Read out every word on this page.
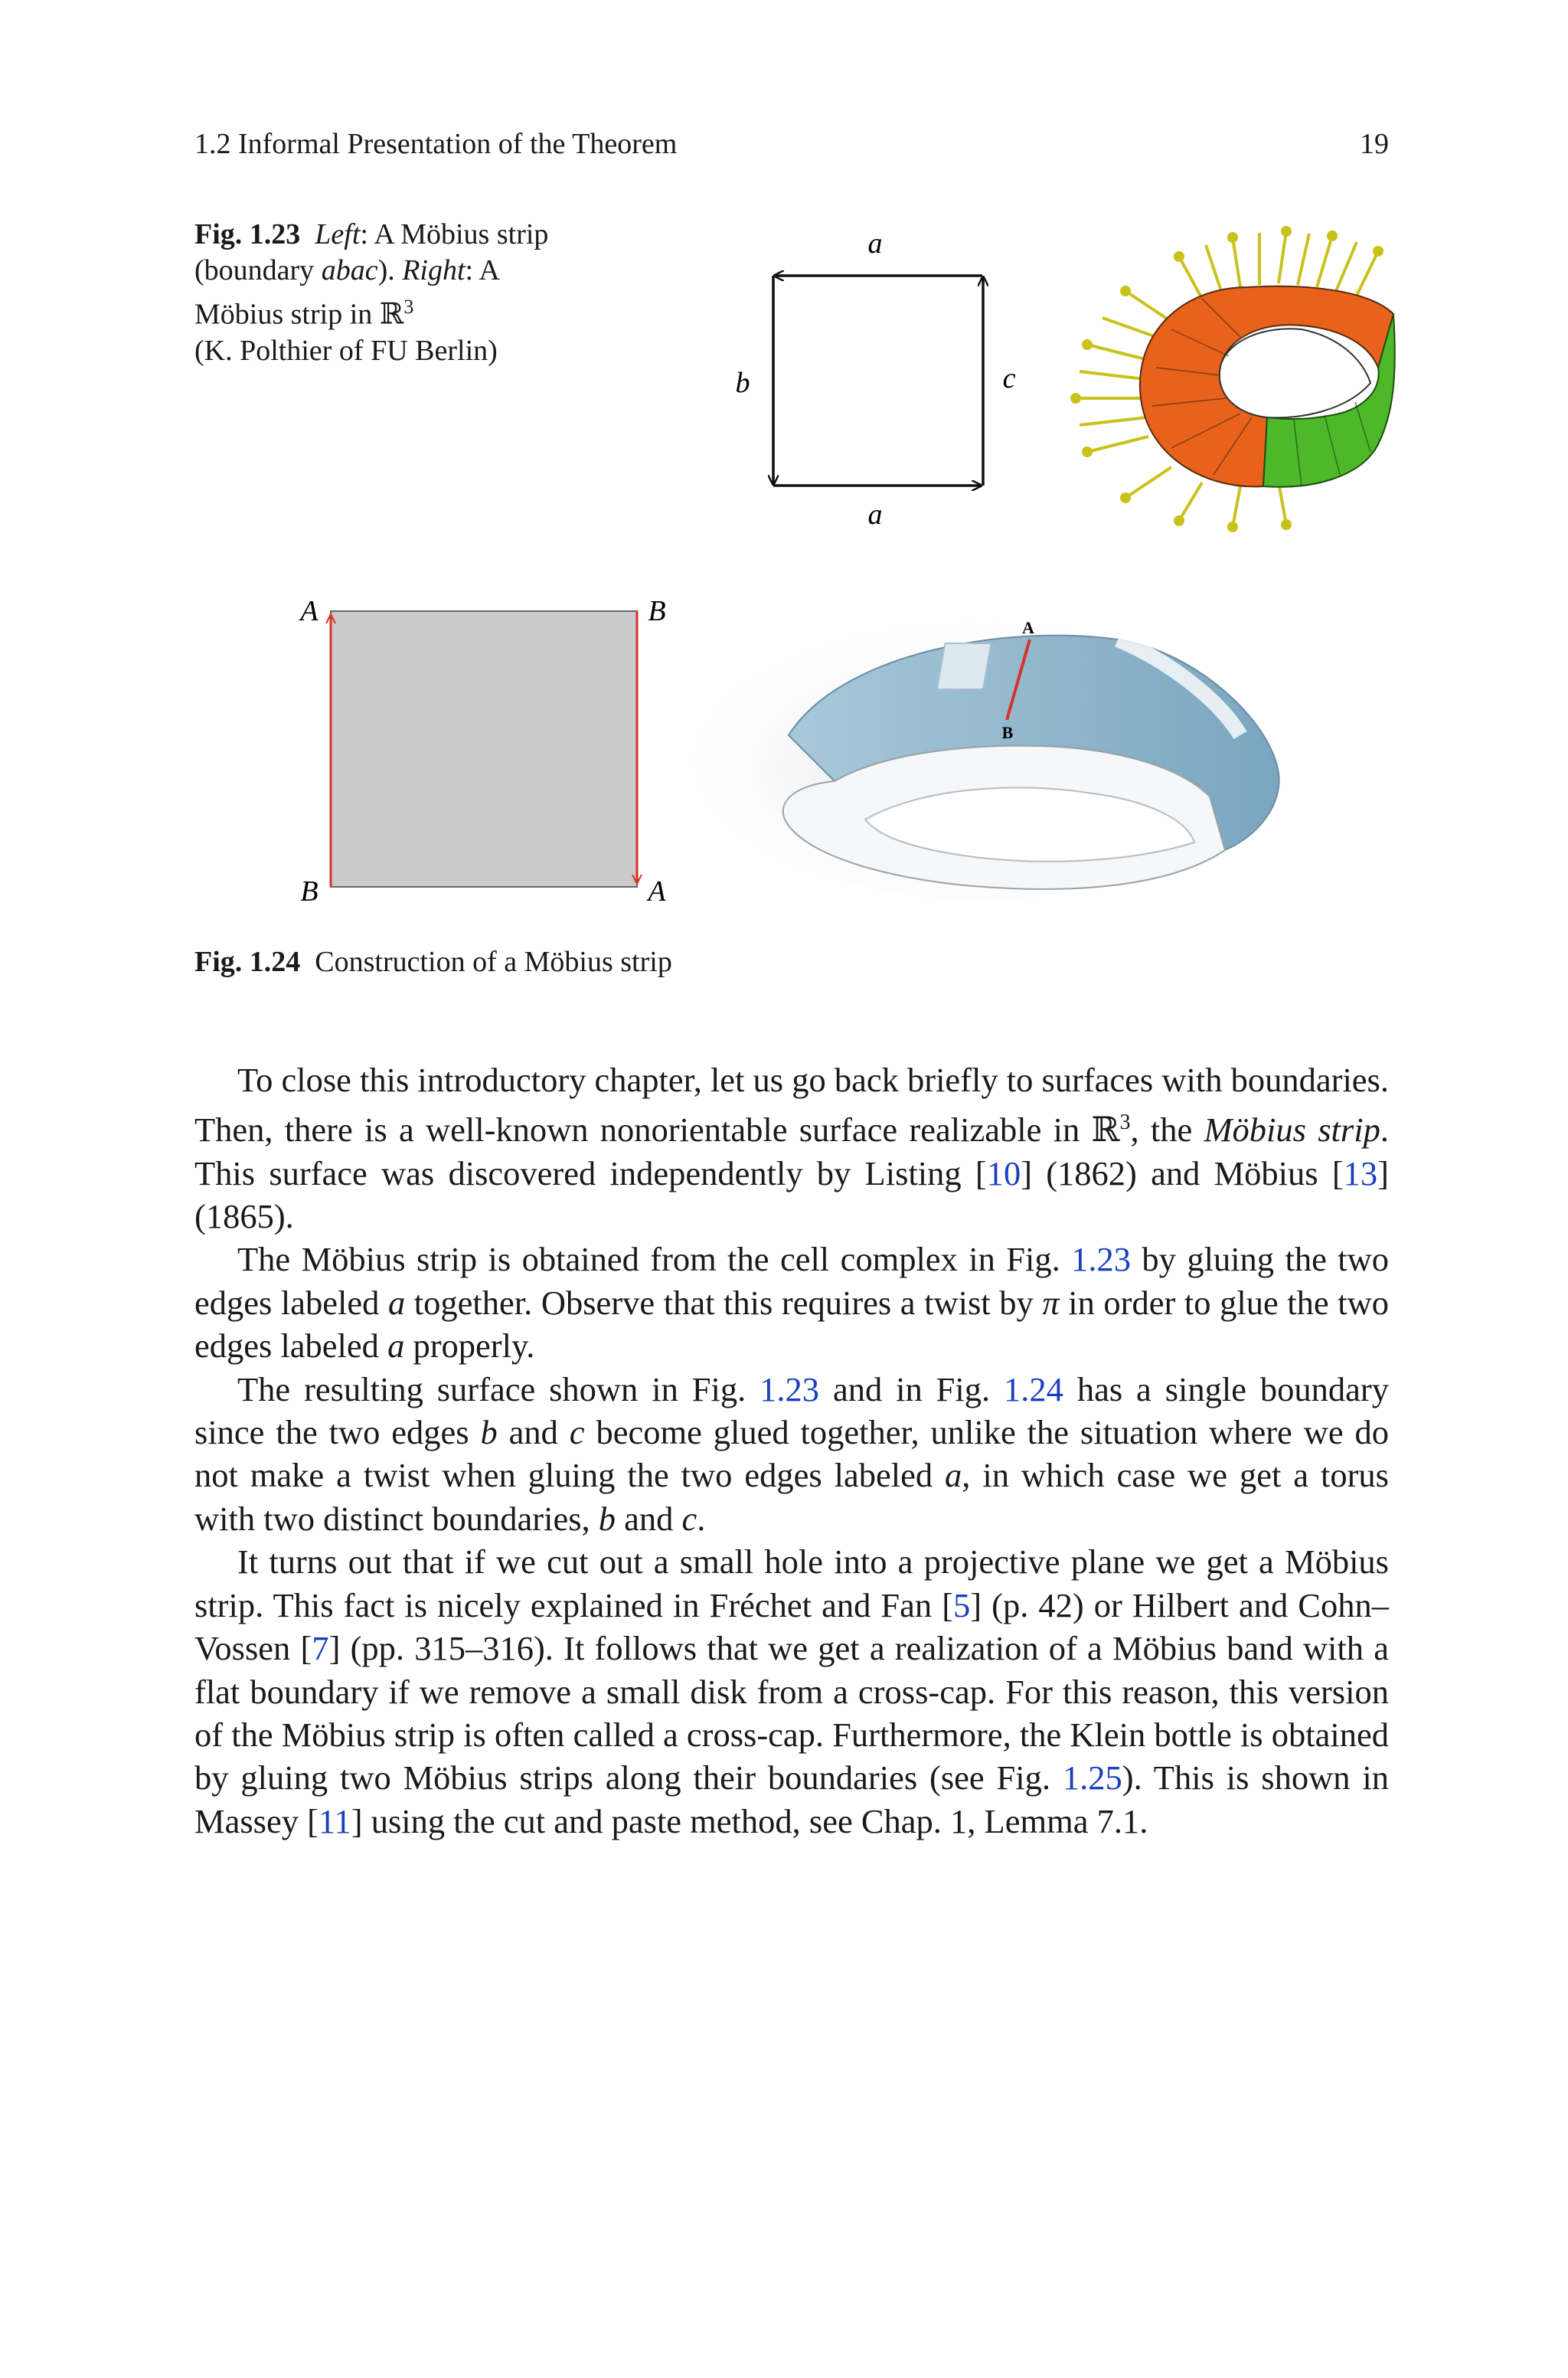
1.2 Informal Presentation of the Theorem	19
Fig. 1.23 Left: A Möbius strip (boundary abac). Right: A Möbius strip in ℝ$^3$
(K. Polthier of FU Berlin)
a
a
b	c
A	B
B	A
A
B
Fig. 1.24 Construction of a Möbius strip

To close this introductory chapter, let us go back briefly to surfaces with boundaries. Then, there is a well-known nonorientable surface realizable in ℝ$^3$, the Möbius strip. This surface was discovered independently by Listing [10] (1862) and Möbius [13] (1865).

The Möbius strip is obtained from the cell complex in Fig. 1.23 by gluing the two edges labeled a together. Observe that this requires a twist by π in order to glue the two edges labeled a properly.

The resulting surface shown in Fig. 1.23 and in Fig. 1.24 has a single boundary since the two edges b and c become glued together, unlike the situation where we do not make a twist when gluing the two edges labeled a, in which case we get a torus with two distinct boundaries, b and c.

It turns out that if we cut out a small hole into a projective plane we get a Möbius strip. This fact is nicely explained in Fréchet and Fan [5] (p. 42) or Hilbert and Cohn–Vossen [7] (pp. 315–316). It follows that we get a realization of a Möbius band with a flat boundary if we remove a small disk from a cross-cap. For this reason, this version of the Möbius strip is often called a cross-cap. Furthermore, the Klein bottle is obtained by gluing two Möbius strips along their boundaries (see Fig. 1.25). This is shown in Massey [11] using the cut and paste method, see Chap. 1, Lemma 7.1.
